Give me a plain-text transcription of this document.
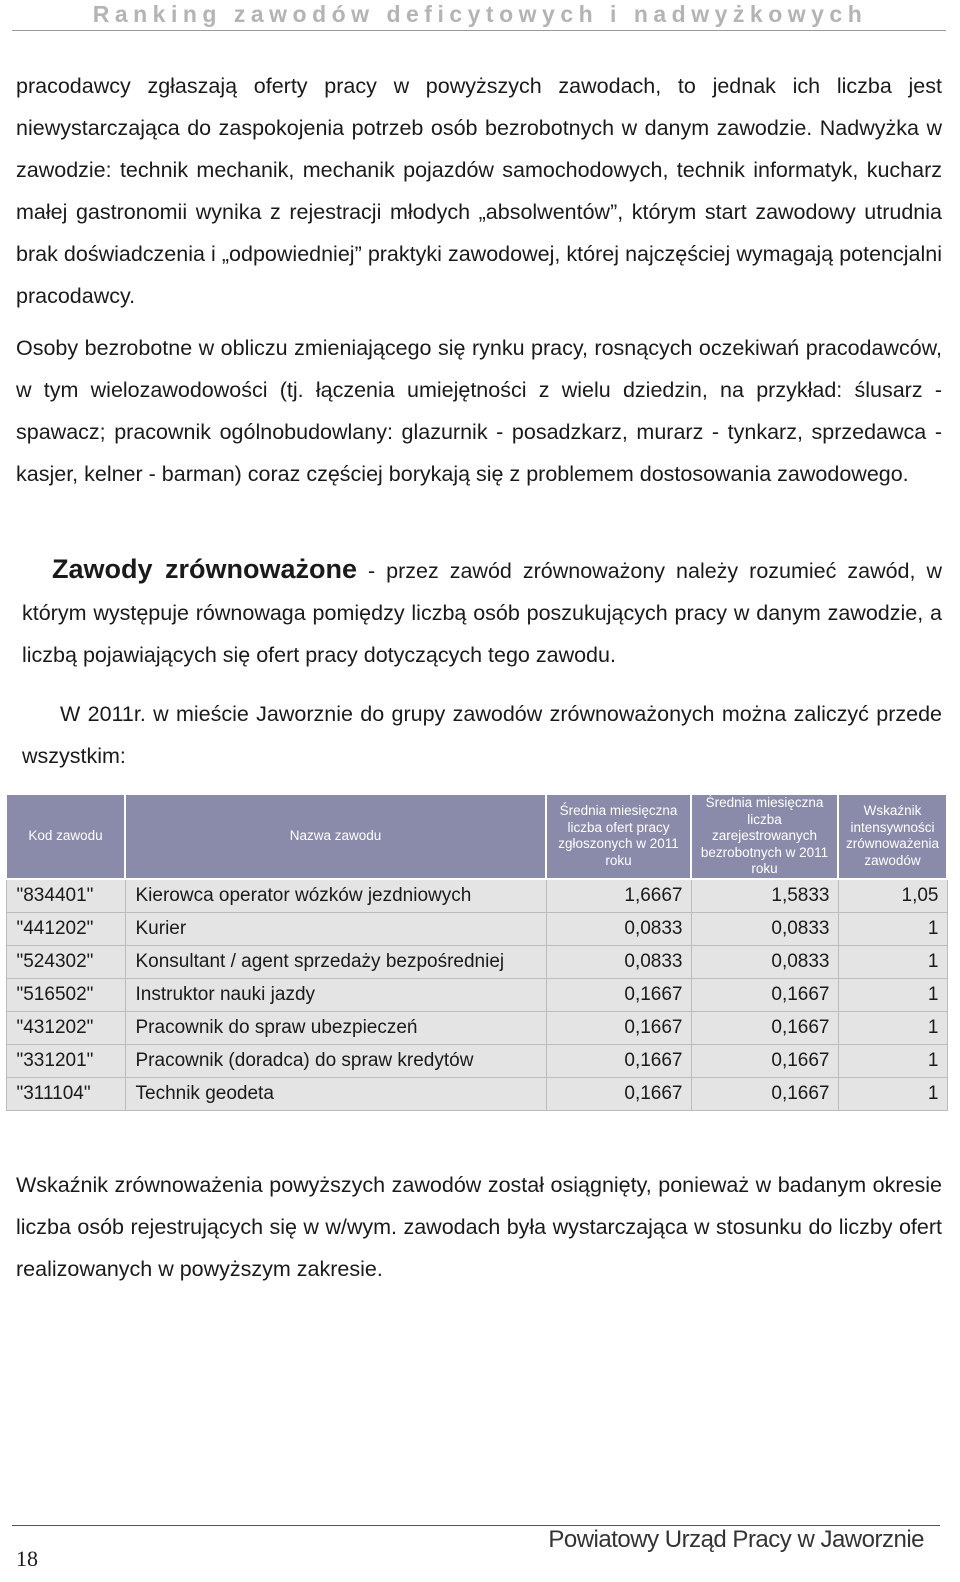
Ranking zawodów deficytowych i nadwyżkowych
pracodawcy zgłaszają oferty pracy w powyższych zawodach, to jednak ich liczba jest niewystarczająca do zaspokojenia potrzeb osób bezrobotnych w danym zawodzie. Nadwyżka w zawodzie: technik mechanik, mechanik pojazdów samochodowych, technik informatyk, kucharz małej gastronomii wynika z rejestracji młodych „absolwentów”, którym start zawodowy utrudnia brak doświadczenia i „odpowiedniej” praktyki zawodowej, której najczęściej wymagają potencjalni pracodawcy.
Osoby bezrobotne w obliczu zmieniającego się rynku pracy, rosnących oczekiwań pracodawców, w tym wielozawodowości (tj. łączenia umiejętności z wielu dziedzin, na przykład: ślusarz - spawacz; pracownik ogólnobudowlany: glazurnik - posadzkarz, murarz - tynkarz, sprzedawca - kasjer, kelner - barman) coraz częściej borykają się z problemem dostosowania zawodowego.
Zawody zrównoważone - przez zawód zrównoważony należy rozumieć zawód, w którym występuje równowaga pomiędzy liczbą osób poszukujących pracy w danym zawodzie, a liczbą pojawiających się ofert pracy dotyczących tego zawodu.
W 2011r. w mieście Jaworznie do grupy zawodów zrównoważonych można zaliczyć przede wszystkim:
Kod zawodu	Nazwa zawodu	Średnia miesięczna liczba ofert pracy zgłoszonych w 2011 roku	Średnia miesięczna liczba zarejestrowanych bezrobotnych w 2011 roku	Wskaźnik intensywności zrównoważenia zawodów
"834401"	Kierowca operator wózków jezdniowych	1,6667	1,5833	1,05
"441202"	Kurier	0,0833	0,0833	1
"524302"	Konsultant / agent sprzedaży bezpośredniej	0,0833	0,0833	1
"516502"	Instruktor nauki jazdy	0,1667	0,1667	1
"431202"	Pracownik do spraw ubezpieczeń	0,1667	0,1667	1
"331201"	Pracownik (doradca) do spraw kredytów	0,1667	0,1667	1
"311104"	Technik geodeta	0,1667	0,1667	1
Wskaźnik zrównoważenia powyższych zawodów został osiągnięty, ponieważ w badanym okresie liczba osób rejestrujących się w w/wym. zawodach była wystarczająca w stosunku do liczby ofert realizowanych w powyższym zakresie.
18
Powiatowy Urząd Pracy w Jaworznie
